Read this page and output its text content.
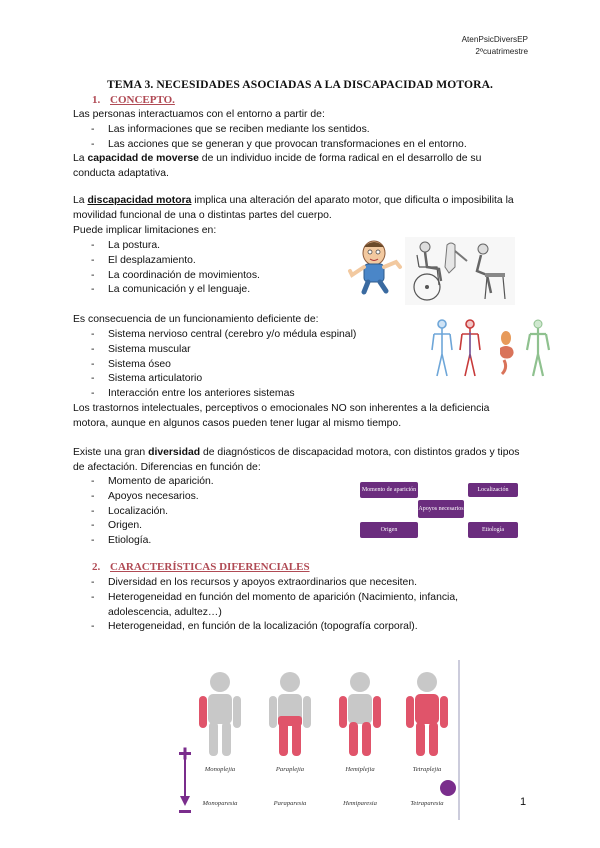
AtenPsicDiversEP
2ºcuatrimestre
TEMA 3. NECESIDADES ASOCIADAS A LA DISCAPACIDAD MOTORA.
1. CONCEPTO.
Las personas interactuamos con el entorno a partir de:
- Las informaciones que se reciben mediante los sentidos.
- Las acciones que se generan y que provocan transformaciones en el entorno.
La capacidad de moverse de un individuo incide de forma radical en el desarrollo de su conducta adaptativa.
La discapacidad motora implica una alteración del aparato motor, que dificulta o imposibilita la movilidad funcional de una o distintas partes del cuerpo.
Puede implicar limitaciones en:
- La postura.
- El desplazamiento.
- La coordinación de movimientos.
- La comunicación y el lenguaje.
Es consecuencia de un funcionamiento deficiente de:
- Sistema nervioso central (cerebro y/o médula espinal)
- Sistema muscular
- Sistema óseo
- Sistema articulatorio
- Interacción entre los anteriores sistemas
Los trastornos intelectuales, perceptivos o emocionales NO son inherentes a la deficiencia motora, aunque en algunos casos pueden tener lugar al mismo tiempo.
Existe una gran diversidad de diagnósticos de discapacidad motora, con distintos grados y tipos de afectación. Diferencias en función de:
- Momento de aparición.
- Apoyos necesarios.
- Localización.
- Origen.
- Etiología.
Momento de aparición	Localización
Apoyos necesarios
Origen	Etiología
2. CARACTERÍSTICAS DIFERENCIALES
- Diversidad en los recursos y apoyos extraordinarios que necesiten.
- Heterogeneidad en función del momento de aparición (Nacimiento, infancia, adolescencia, adultez…)
- Heterogeneidad, en función de la localización (topografía corporal).
Monoplejia	Paraplejia	Hemiplejia	Tetraplejia
Monoparesia	Paraparesia	Hemiparesia	Tetraparesia	1
